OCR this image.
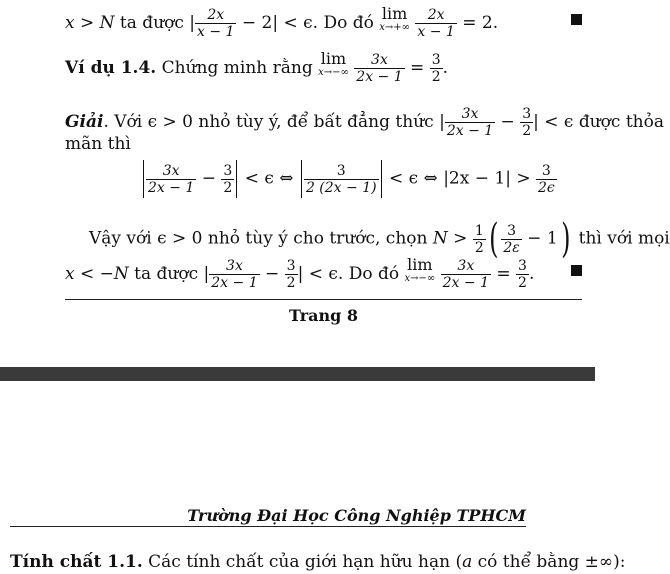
x > N ta được | $\frac{2x}{x - 1} - 2| < \epsilon$. Do đó lim
x→+∞
$\frac{2x}{x - 1} = 2$.
Ví dụ 1.4. Chứng minh rằng lim
x→−∞
$\frac{3x}{2x - 1} = \frac{3}{2}$ .
Giải. Với ϵ > 0 nhỏ tùy ý, để bất đẳng thức | $\frac{3x}{2x - 1} - \frac{3}{2}$ | < ϵ được thỏa
mãn thì
$\frac{3x}{2x - 1} - \frac{3}{2} < \epsilon$ ⇔ $\frac{3}{2 (2x - 1)} < \epsilon$ ⇔ $|2x - 1| > \frac{3}{2\epsilon}$
Vậy với ϵ > 0 nhỏ tùy ý cho trước, chọn $N > \frac{1}{2}$ ( $\frac{3}{2\varepsilon} - 1$) thì với mọi
x < −N ta được | $\frac{3x}{2x - 1} - \frac{3}{2}$ | < ϵ. Do đó lim
x→−∞
$\frac{3x}{2x - 1} = \frac{3}{2}$ .
Trang 8
Trường Đại Học Công Nghiệp TPHCM
Tính chất 1.1. Các tính chất của giới hạn hữu hạn (a có thể bằng ±∞):
